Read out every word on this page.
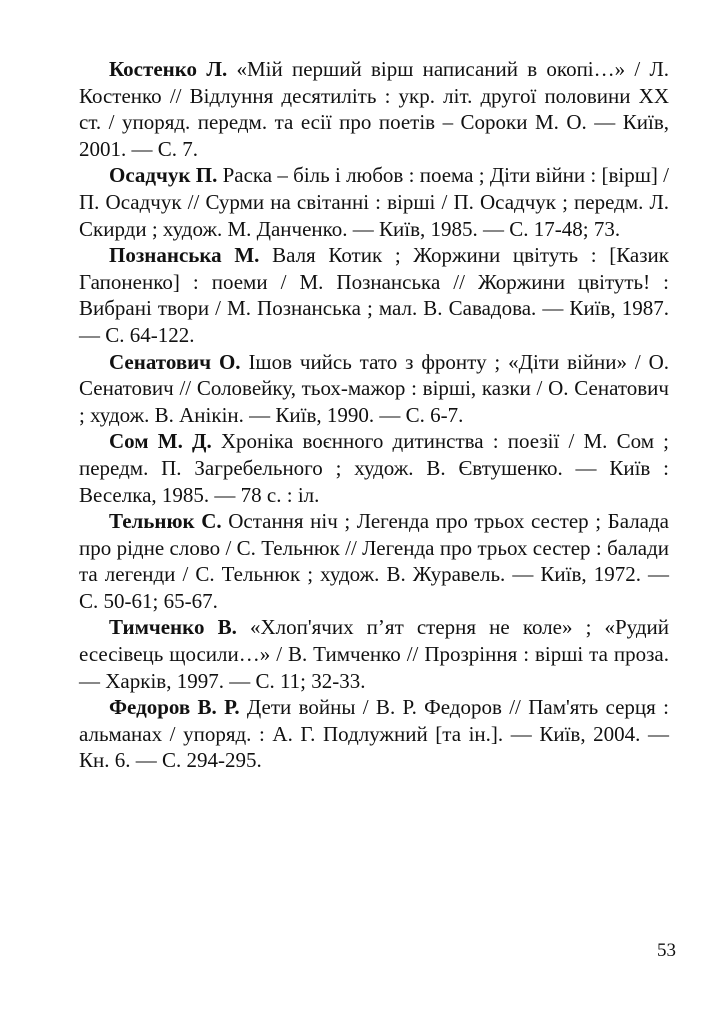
Костенко Л. «Мій перший вірш написаний в окопі…» / Л. Костенко // Відлуння десятиліть : укр. літ. другої половини ХХ ст. / упоряд. передм. та есії про поетів – Сороки М. О. — Київ, 2001. — С. 7.

Осадчук П. Раска – біль і любов : поема ; Діти війни : [вірш] / П. Осадчук // Сурми на світанні : вірші / П. Осадчук ; передм. Л. Скирди ; худож. М. Данченко. — Київ, 1985. — С. 17-48; 73.

Познанська М. Валя Котик ; Жоржини цвітуть : [Казик Гапоненко] : поеми / М. Познанська // Жоржини цвітуть! : Вибрані твори / М. Познанська ; мал. В. Савадова. — Київ, 1987. — С. 64-122.

Сенатович О. Ішов чийсь тато з фронту ; «Діти війни» / О. Сенатович // Соловейку, тьох-мажор : вірші, казки / О. Сенатович ; худож. В. Анікін. — Київ, 1990. — С. 6-7.

Сом М. Д. Хроніка воєнного дитинства : поезії / М. Сом ; передм. П. Загребельного ; худож. В. Євтушенко. — Київ : Веселка, 1985. — 78 с. : іл.

Тельнюк С. Остання ніч ; Легенда про трьох сестер ; Балада про рідне слово / С. Тельнюк // Легенда про трьох сестер : балади та легенди / С. Тельнюк ; худож. В. Журавель. — Київ, 1972. — С. 50-61; 65-67.

Тимченко В. «Хлоп'ячих п’ят стерня не коле» ; «Рудий есесівець щосили…» / В. Тимченко // Прозріння : вірші та проза. — Харків, 1997. — С. 11; 32-33.

Федоров В. Р. Дети войны / В. Р. Федоров // Пам'ять серця : альманах / упоряд. : А. Г. Подлужний [та ін.]. — Київ, 2004. — Кн. 6. — С. 294-295.

53
